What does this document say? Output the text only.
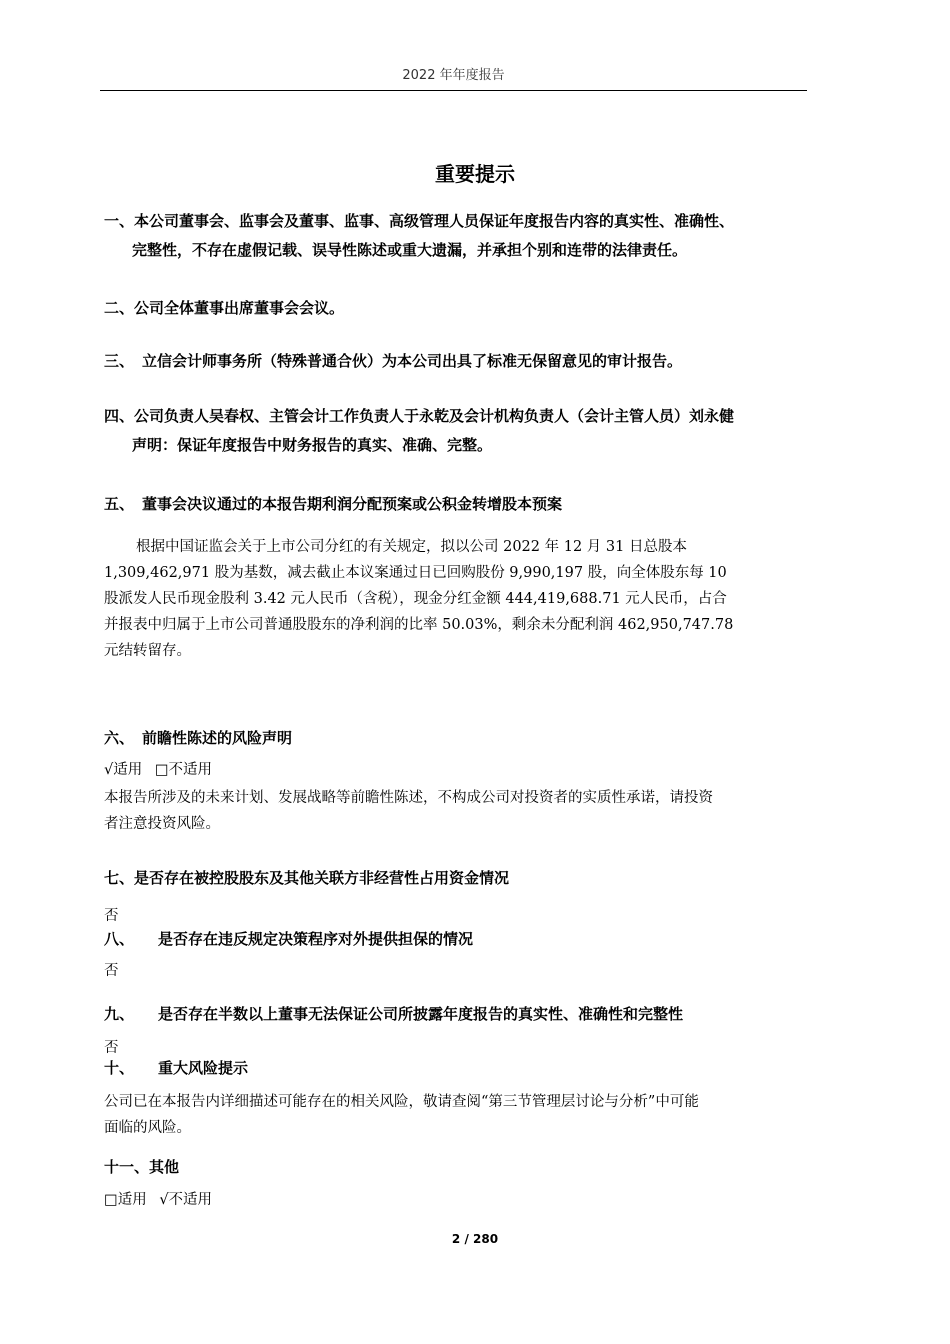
2022 年年度报告
重要提示
一、本公司董事会、监事会及董事、监事、高级管理人员保证年度报告内容的真实性、准确性、
完整性，不存在虚假记载、误导性陈述或重大遗漏，并承担个别和连带的法律责任。
二、公司全体董事出席董事会会议。
三、 立信会计师事务所（特殊普通合伙）为本公司出具了标准无保留意见的审计报告。
四、公司负责人吴春权、主管会计工作负责人于永乾及会计机构负责人（会计主管人员）刘永健
声明：保证年度报告中财务报告的真实、准确、完整。
五、 董事会决议通过的本报告期利润分配预案或公积金转增股本预案
根据中国证监会关于上市公司分红的有关规定，拟以公司 2022 年 12 月 31 日总股本
1,309,462,971 股为基数，减去截止本议案通过日已回购股份 9,990,197 股，向全体股东每 10
股派发人民币现金股利 3.42 元人民币（含税），现金分红金额 444,419,688.71 元人民币，占合
并报表中归属于上市公司普通股股东的净利润的比率 50.03%，剩余未分配利润 462,950,747.78
元结转留存。
六、 前瞻性陈述的风险声明
√适用 □不适用
本报告所涉及的未来计划、发展战略等前瞻性陈述，不构成公司对投资者的实质性承诺，请投资
者注意投资风险。
七、是否存在被控股股东及其他关联方非经营性占用资金情况
否
八、 是否存在违反规定决策程序对外提供担保的情况
否
九、 是否存在半数以上董事无法保证公司所披露年度报告的真实性、准确性和完整性
否
十、 重大风险提示
公司已在本报告内详细描述可能存在的相关风险，敬请查阅“第三节管理层讨论与分析”中可能
面临的风险。
十一、其他
□适用 √不适用
2 / 280
